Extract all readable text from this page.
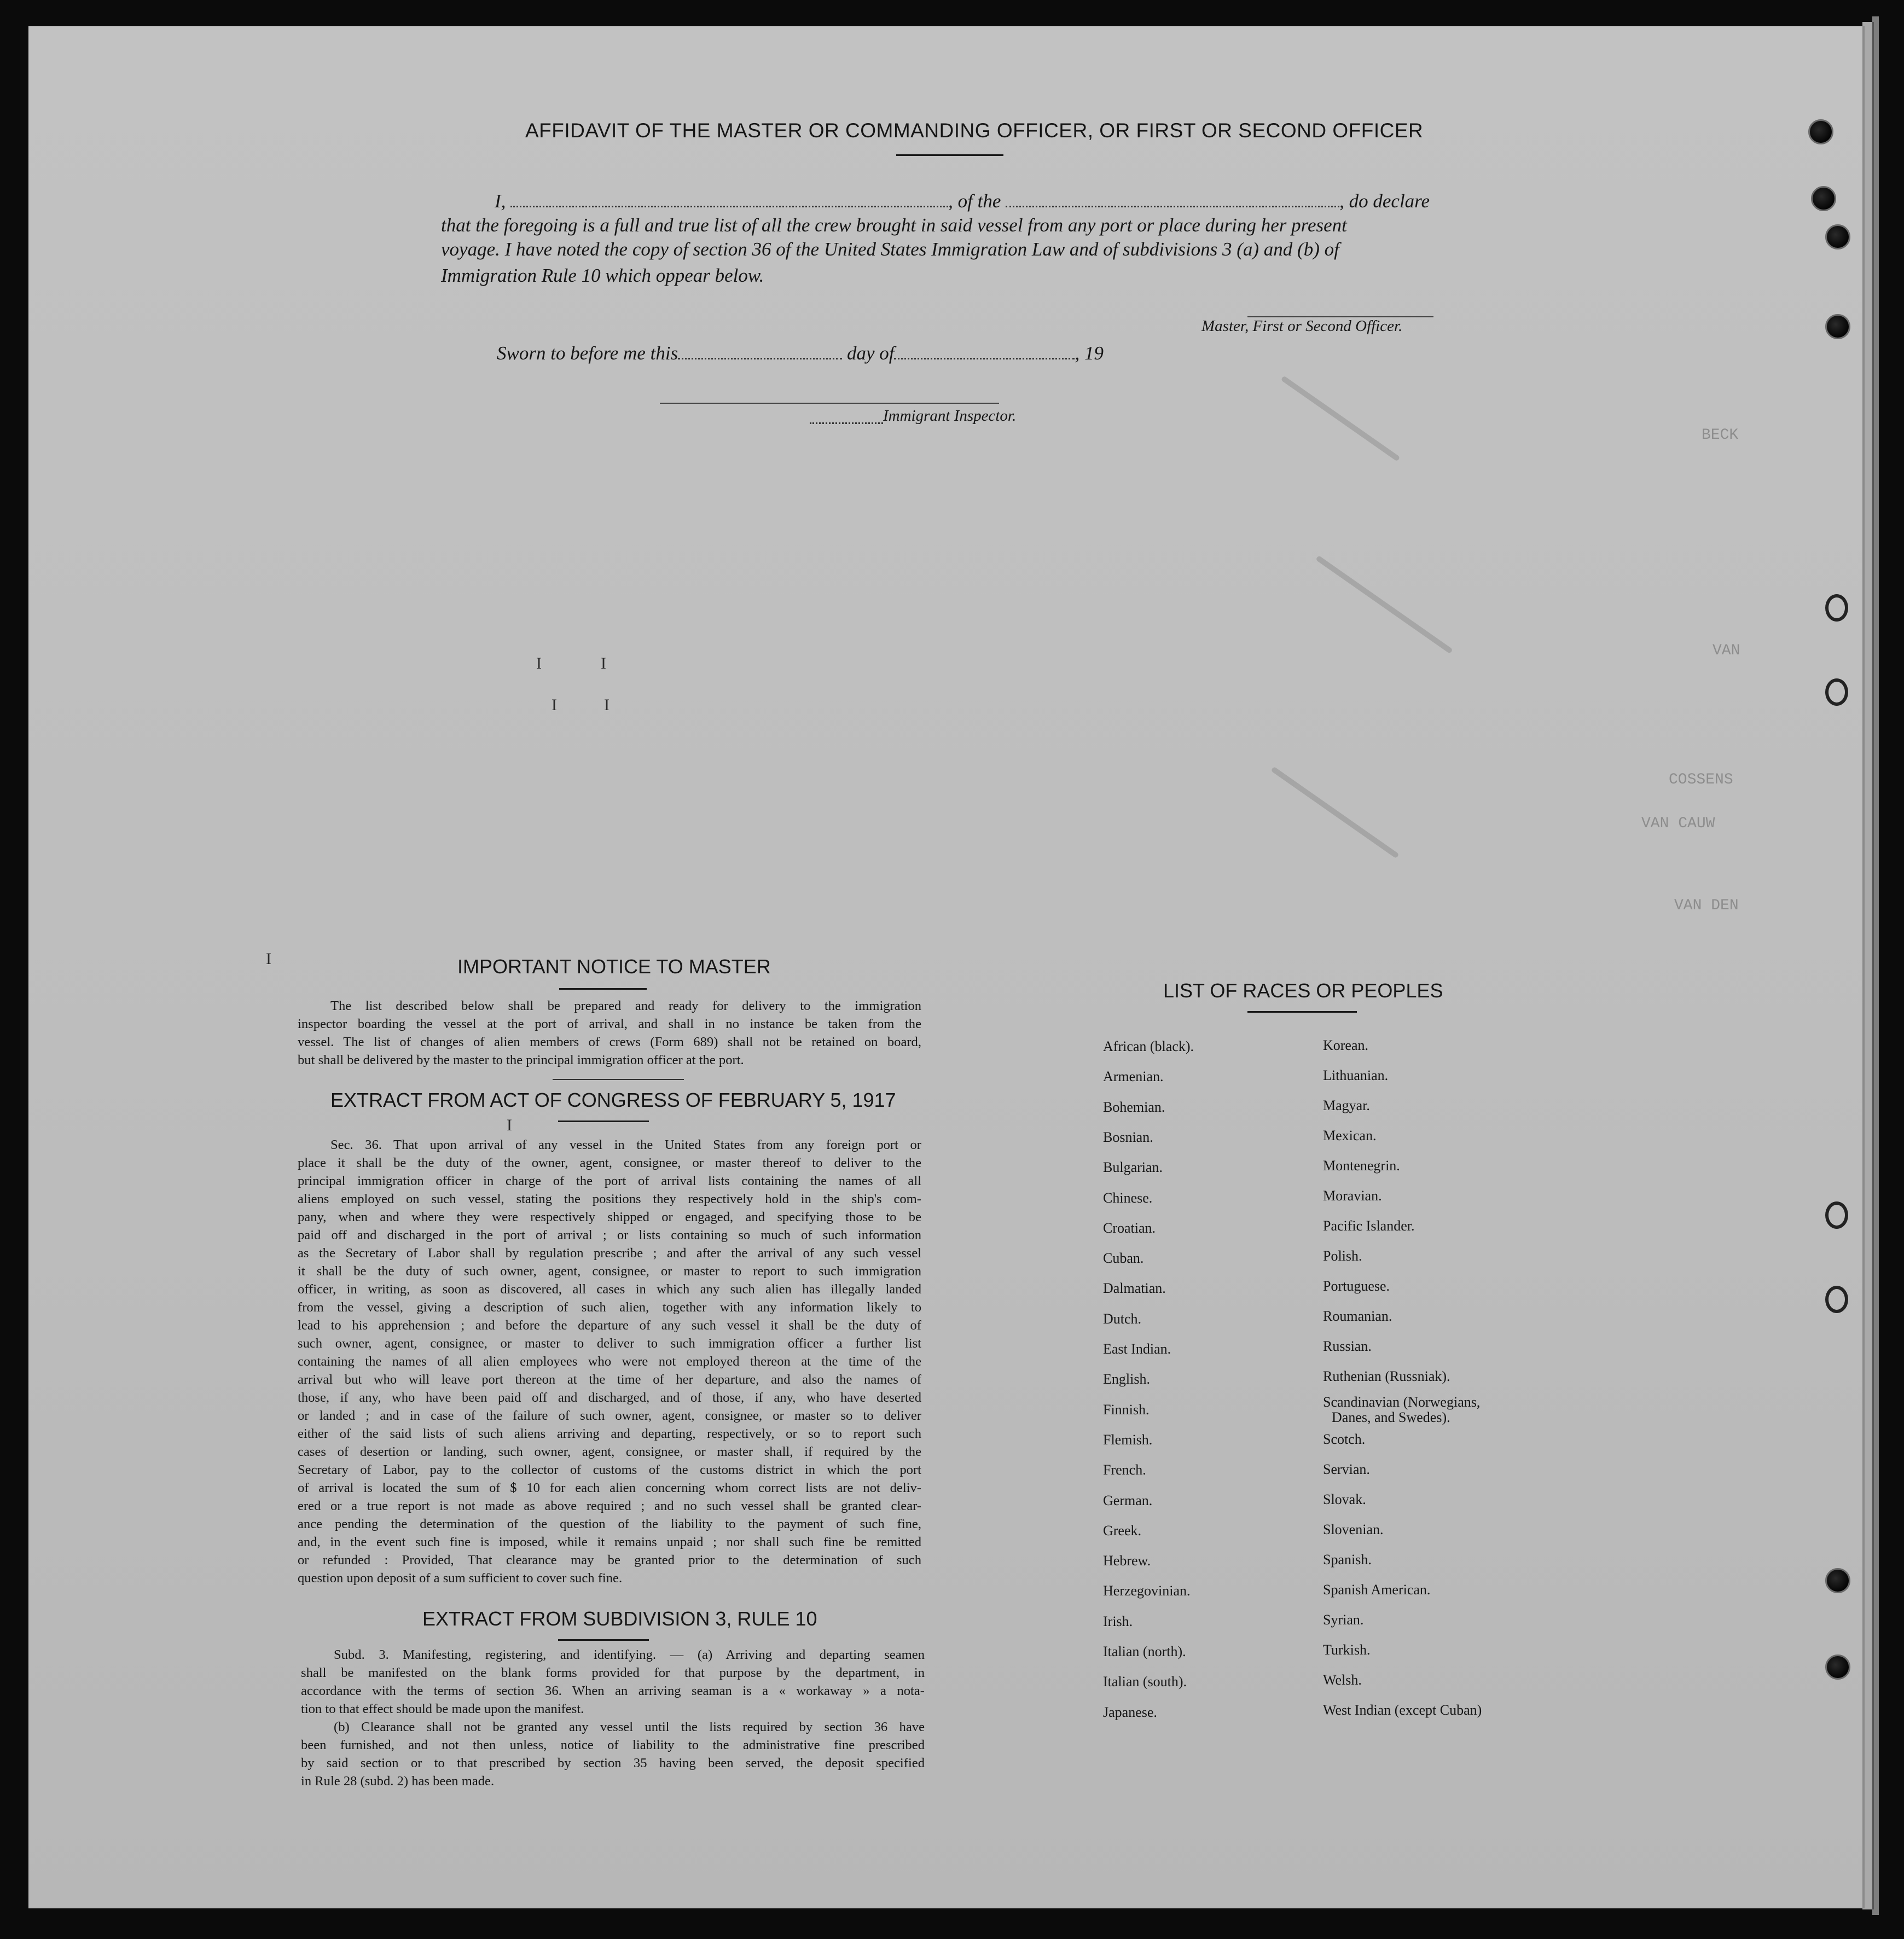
AFFIDAVIT OF THE MASTER OR COMMANDING OFFICER, OR FIRST OR SECOND OFFICER
I,	, of the	, do declare
that the foregoing is a full and true list of all the crew brought in said vessel from any port or place during her present
voyage. I have noted the copy of section 36 of the United States Immigration Law and of subdivisions 3 (a) and (b) of
Immigration Rule 10 which oppear below.
Master, First or Second Officer.
Sworn to before me this	day of	, 19
Immigrant Inspector.
BECK
VAN
COSSENS
VAN CAUW
VAN DEN
I	I
I	I
I
I
IMPORTANT NOTICE TO MASTER
The list described below shall be prepared and ready for delivery to the immigration
inspector boarding the vessel at the port of arrival, and shall in no instance be taken from the
vessel. The list of changes of alien members of crews (Form 689) shall not be retained on board,
but shall be delivered by the master to the principal immigration officer at the port.
EXTRACT FROM ACT OF CONGRESS OF FEBRUARY 5, 1917
Sec. 36. That upon arrival of any vessel in the United States from any foreign port or
place it shall be the duty of the owner, agent, consignee, or master thereof to deliver to the
principal immigration officer in charge of the port of arrival lists containing the names of all
aliens employed on such vessel, stating the positions they respectively hold in the ship's com-
pany, when and where they were respectively shipped or engaged, and specifying those to be
paid off and discharged in the port of arrival ; or lists containing so much of such information
as the Secretary of Labor shall by regulation prescribe ; and after the arrival of any such vessel
it shall be the duty of such owner, agent, consignee, or master to report to such immigration
officer, in writing, as soon as discovered, all cases in which any such alien has illegally landed
from the vessel, giving a description of such alien, together with any information likely to
lead to his apprehension ; and before the departure of any such vessel it shall be the duty of
such owner, agent, consignee, or master to deliver to such immigration officer a further list
containing the names of all alien employees who were not employed thereon at the time of the
arrival but who will leave port thereon at the time of her departure, and also the names of
those, if any, who have been paid off and discharged, and of those, if any, who have deserted
or landed ; and in case of the failure of such owner, agent, consignee, or master so to deliver
either of the said lists of such aliens arriving and departing, respectively, or so to report such
cases of desertion or landing, such owner, agent, consignee, or master shall, if required by the
Secretary of Labor, pay to the collector of customs of the customs district in which the port
of arrival is located the sum of $ 10 for each alien concerning whom correct lists are not deliv-
ered or a true report is not made as above required ; and no such vessel shall be granted clear-
ance pending the determination of the question of the liability to the payment of such fine,
and, in the event such fine is imposed, while it remains unpaid ; nor shall such fine be remitted
or refunded : Provided, That clearance may be granted prior to the determination of such
question upon deposit of a sum sufficient to cover such fine.
EXTRACT FROM SUBDIVISION 3, RULE 10
Subd. 3. Manifesting, registering, and identifying. — (a) Arriving and departing seamen
shall be manifested on the blank forms provided for that purpose by the department, in
accordance with the terms of section 36. When an arriving seaman is a « workaway » a nota-
tion to that effect should be made upon the manifest.
(b) Clearance shall not be granted any vessel until the lists required by section 36 have
been furnished, and not then unless, notice of liability to the administrative fine prescribed
by said section or to that prescribed by section 35 having been served, the deposit specified
in Rule 28 (subd. 2) has been made.
LIST OF RACES OR PEOPLES
African (black).
Armenian.
Bohemian.
Bosnian.
Bulgarian.
Chinese.
Croatian.
Cuban.
Dalmatian.
Dutch.
East Indian.
English.
Finnish.
Flemish.
French.
German.
Greek.
Hebrew.
Herzegovinian.
Irish.
Italian (north).
Italian (south).
Japanese.
Korean.
Lithuanian.
Magyar.
Mexican.
Montenegrin.
Moravian.
Pacific Islander.
Polish.
Portuguese.
Roumanian.
Russian.
Ruthenian (Russniak).
Scandinavian (Norwegians,
Danes, and Swedes).
Scotch.
Servian.
Slovak.
Slovenian.
Spanish.
Spanish American.
Syrian.
Turkish.
Welsh.
West Indian (except Cuban)
